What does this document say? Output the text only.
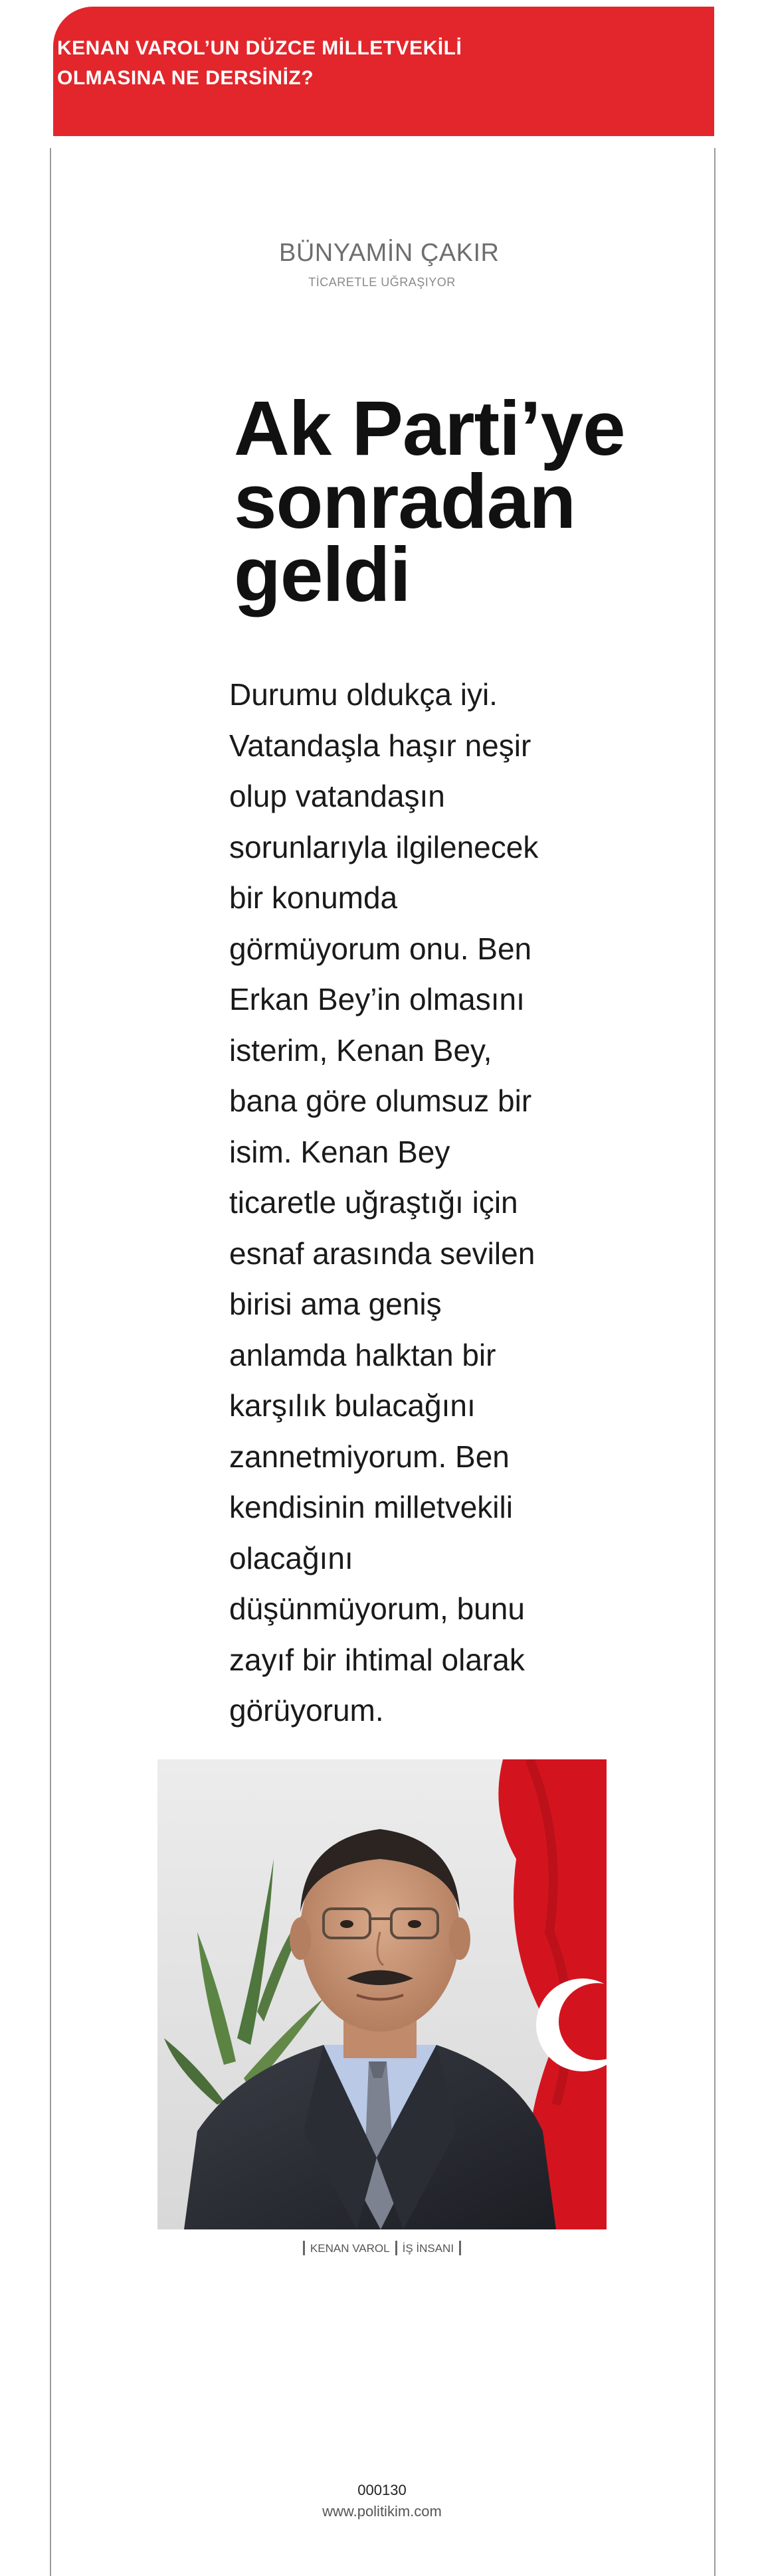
KENAN VAROL’UN DÜZCE MİLLETVEKİLİ
OLMASINA NE DERSİNİZ?
BÜNYAMİN ÇAKIR
TİCARETLE UĞRAŞIYOR
Ak Parti’ye
sonradan
geldi
Durumu oldukça iyi.
Vatandaşla haşır neşir
olup vatandaşın
sorunlarıyla ilgilenecek
bir konumda
görmüyorum onu. Ben
Erkan Bey’in olmasını
isterim, Kenan Bey,
bana göre olumsuz bir
isim. Kenan Bey
ticaretle uğraştığı için
esnaf arasında sevilen
birisi ama geniş
anlamda halktan bir
karşılık bulacağını
zannetmiyorum. Ben
kendisinin milletvekili
olacağını
düşünmüyorum, bunu
zayıf bir ihtimal olarak
görüyorum.
KENAN VAROL İŞ İNSANI
000130
www.politikim.com
